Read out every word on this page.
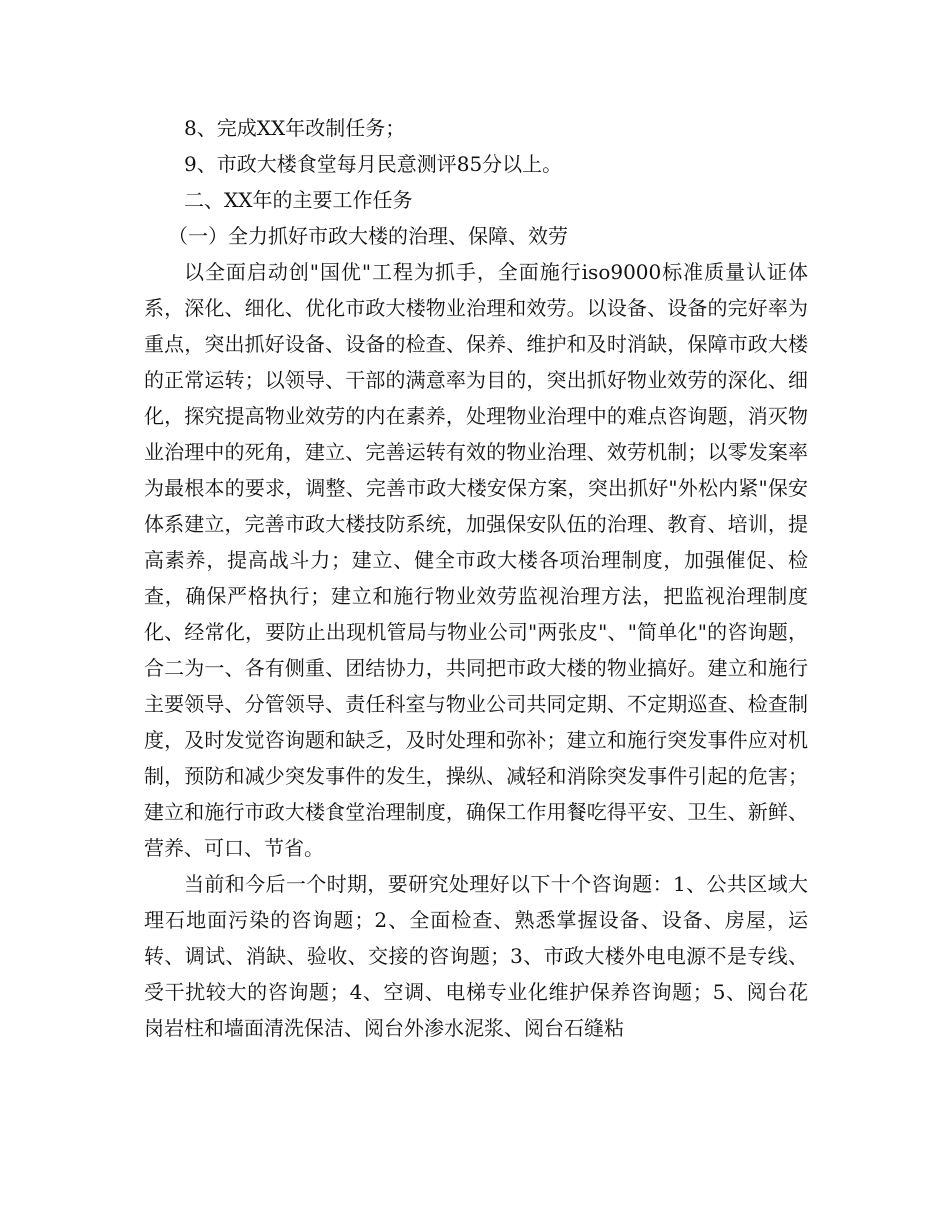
8、完成XX年改制任务；

9、市政大楼食堂每月民意测评85分以上。

二、XX年的主要工作任务

（一）全力抓好市政大楼的治理、保障、效劳

以全面启动创"国优"工程为抓手，全面施行iso9000标准质量认证体系，深化、细化、优化市政大楼物业治理和效劳。以设备、设备的完好率为重点，突出抓好设备、设备的检查、保养、维护和及时消缺，保障市政大楼的正常运转；以领导、干部的满意率为目的，突出抓好物业效劳的深化、细化，探究提高物业效劳的内在素养，处理物业治理中的难点咨询题，消灭物业治理中的死角，建立、完善运转有效的物业治理、效劳机制；以零发案率为最根本的要求，调整、完善市政大楼安保方案，突出抓好"外松内紧"保安体系建立，完善市政大楼技防系统，加强保安队伍的治理、教育、培训，提高素养，提高战斗力；建立、健全市政大楼各项治理制度，加强催促、检查，确保严格执行；建立和施行物业效劳监视治理方法，把监视治理制度化、经常化，要防止出现机管局与物业公司"两张皮"、"简单化"的咨询题，合二为一、各有侧重、团结协力，共同把市政大楼的物业搞好。建立和施行主要领导、分管领导、责任科室与物业公司共同定期、不定期巡查、检查制度，及时发觉咨询题和缺乏，及时处理和弥补；建立和施行突发事件应对机制，预防和减少突发事件的发生，操纵、减轻和消除突发事件引起的危害；建立和施行市政大楼食堂治理制度，确保工作用餐吃得平安、卫生、新鲜、营养、可口、节省。

当前和今后一个时期，要研究处理好以下十个咨询题：1、公共区域大理石地面污染的咨询题；2、全面检查、熟悉掌握设备、设备、房屋，运转、调试、消缺、验收、交接的咨询题；3、市政大楼外电电源不是专线、受干扰较大的咨询题；4、空调、电梯专业化维护保养咨询题；5、阅台花岗岩柱和墙面清洗保洁、阅台外渗水泥浆、阅台石缝粘
